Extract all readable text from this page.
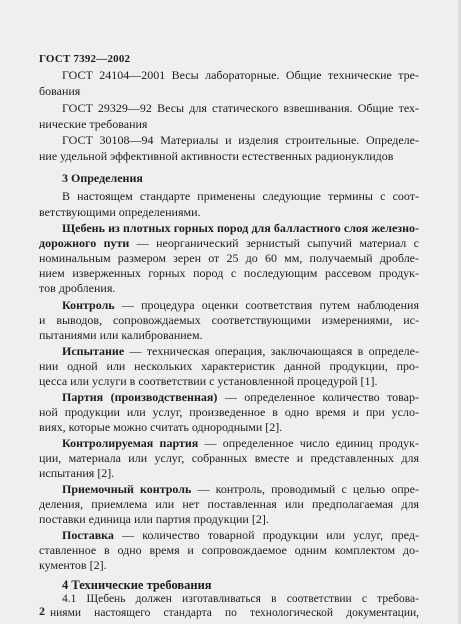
ГОСТ 7392—2002

ГОСТ 24104—2001 Весы лабораторные. Общие технические тре-

бования

ГОСТ 29329—92 Весы для статического взвешивания. Общие тех-

нические требования

ГОСТ 30108—94 Материалы и изделия строительные. Определе-

ние удельной эффективной активности естественных радионуклидов

3 Определения

В настоящем стандарте применены следующие термины с соот-

ветствующими определениями.

Щебень из плотных горных пород для балластного слоя железно-

дорожного пути — неорганический зернистый сыпучий материал с

номинальным размером зерен от 25 до 60 мм, получаемый дробле-

нием изверженных горных пород с последующим рассевом продук-

тов дробления.

Контроль — процедура оценки соответствия путем наблюдения

и выводов, сопровождаемых соответствующими измерениями, ис-

пытаниями или калиброванием.

Испытание — техническая операция, заключающаяся в определе-

нии одной или нескольких характеристик данной продукции, про-

цесса или услуги в соответствии с установленной процедурой [1].

Партия (производственная) — определенное количество товар-

ной продукции или услуг, произведенное в одно время и при усло-

виях, которые можно считать однородными [2].

Контролируемая партия — определенное число единиц продук-

ции, материала или услуг, собранных вместе и представленных для

испытания [2].

Приемочный контроль — контроль, проводимый с целью опре-

деления, приемлема или нет поставленная или предполагаемая для

поставки единица или партия продукции [2].

Поставка — количество товарной продукции или услуг, пред-

ставленное в одно время и сопровождаемое одним комплектом до-

кументов [2].

4 Технические требования

4.1 Щебень должен изготавливаться в соответствии с требова-

ниями настоящего стандарта по технологической документации,

2
